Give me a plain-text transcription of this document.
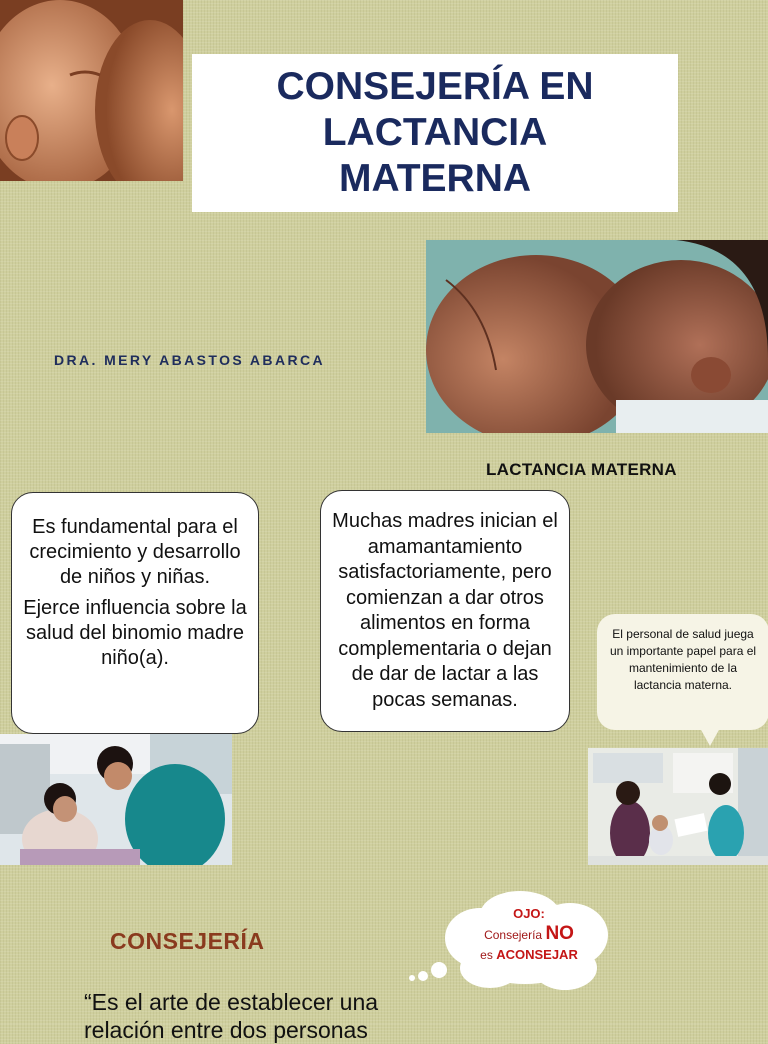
CONSEJERÍA EN
LACTANCIA
MATERNA
DRA. MERY ABASTOS ABARCA
LACTANCIA MATERNA

Es fundamental para el crecimiento y desarrollo de niños y niñas.

Ejerce influencia sobre la salud del binomio madre niño(a).

Muchas madres inician el amamantamiento satisfactoriamente, pero comienzan a dar otros alimentos en forma complementaria o dejan de dar de lactar a las pocas semanas.
El personal de salud juega un importante papel para el mantenimiento de la lactancia materna.
CONSEJERÍA
“Es el arte de establecer una
relación entre dos personas
OJO:
Consejería NO
es ACONSEJAR
